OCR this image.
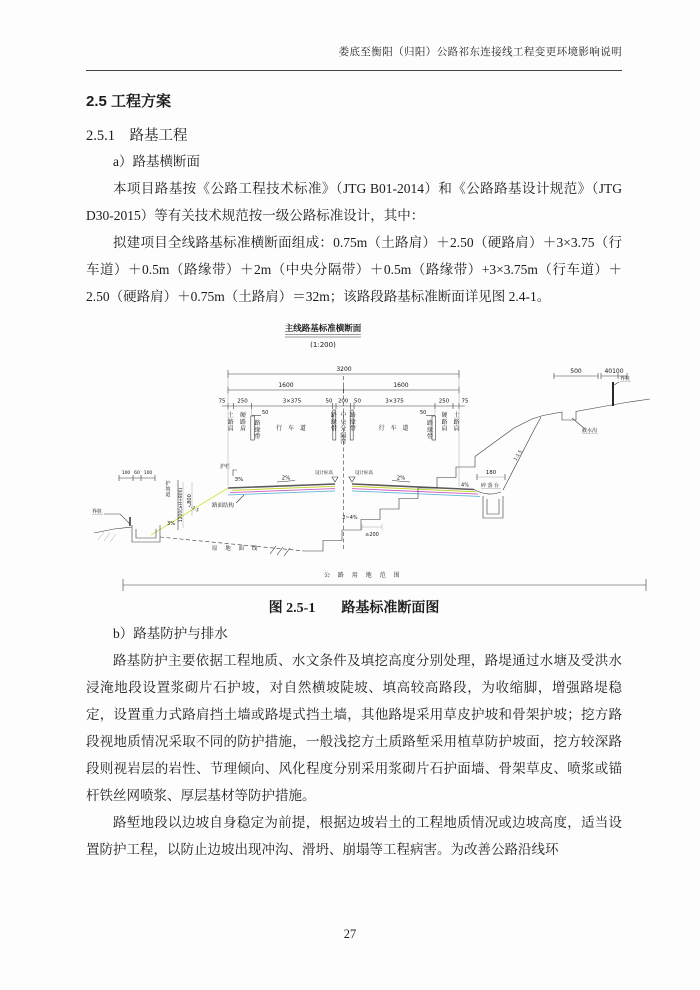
娄底至衡阳（归阳）公路祁东连接线工程变更环境影响说明
2.5 工程方案
2.5.1　路基工程
a）路基横断面

本项目路基按《公路工程技术标准》（JTG B01-2014）和《公路路基设计规范》（JTG D30-2015）等有关技术规范按一级公路标准设计，其中：

拟建项目全线路基标准横断面组成：0.75m（土路肩）＋2.50（硬路肩）＋3×3.75（行车道）＋0.5m（路缘带）＋2m（中央分隔带）＋0.5m（路缘带）+3×3.75m（行车道）＋2.50（硬路肩）＋0.75m（土路肩）＝32m；该路段路基标准断面详见图 2.4-1。

主线路基标准横断面
(1:200)
3200
1600	1600
75 250	3×375	50 200 50	3×375	250 75
土路肩
硬路肩
路缘带
行 车 道
路缘带
中央分隔带
路缘带	行 车 道
路缘带
硬路肩
土路肩
50	50
设计标高	设计标高
2%	2%
3%
4%
护栏
路面结构
1:1.5
1200(≥H+800) 800
护坡道
100 60 100
3%
界桩
原 地 面 线
2~4%
≥200
180
碎落台
1:1.5
界桩
截水沟
500	40100
公 路 用 地 范 围
图 2.5-1 路基标准断面图
b）路基防护与排水

路基防护主要依据工程地质、水文条件及填挖高度分别处理，路堤通过水塘及受洪水浸淹地段设置浆砌片石护坡，对自然横坡陡坡、填高较高路段，为收缩脚，增强路堤稳定，设置重力式路肩挡土墙或路堤式挡土墙，其他路堤采用草皮护坡和骨架护坡；挖方路段视地质情况采取不同的防护措施，一般浅挖方土质路堑采用植草防护坡面，挖方较深路段则视岩层的岩性、节理倾向、风化程度分别采用浆砌片石护面墙、骨架草皮、喷浆或锚杆铁丝网喷浆、厚层基材等防护措施。

路堑地段以边坡自身稳定为前提，根据边坡岩土的工程地质情况或边坡高度，适当设置防护工程，以防止边坡出现冲沟、滑坍、崩塌等工程病害。为改善公路沿线环

27
